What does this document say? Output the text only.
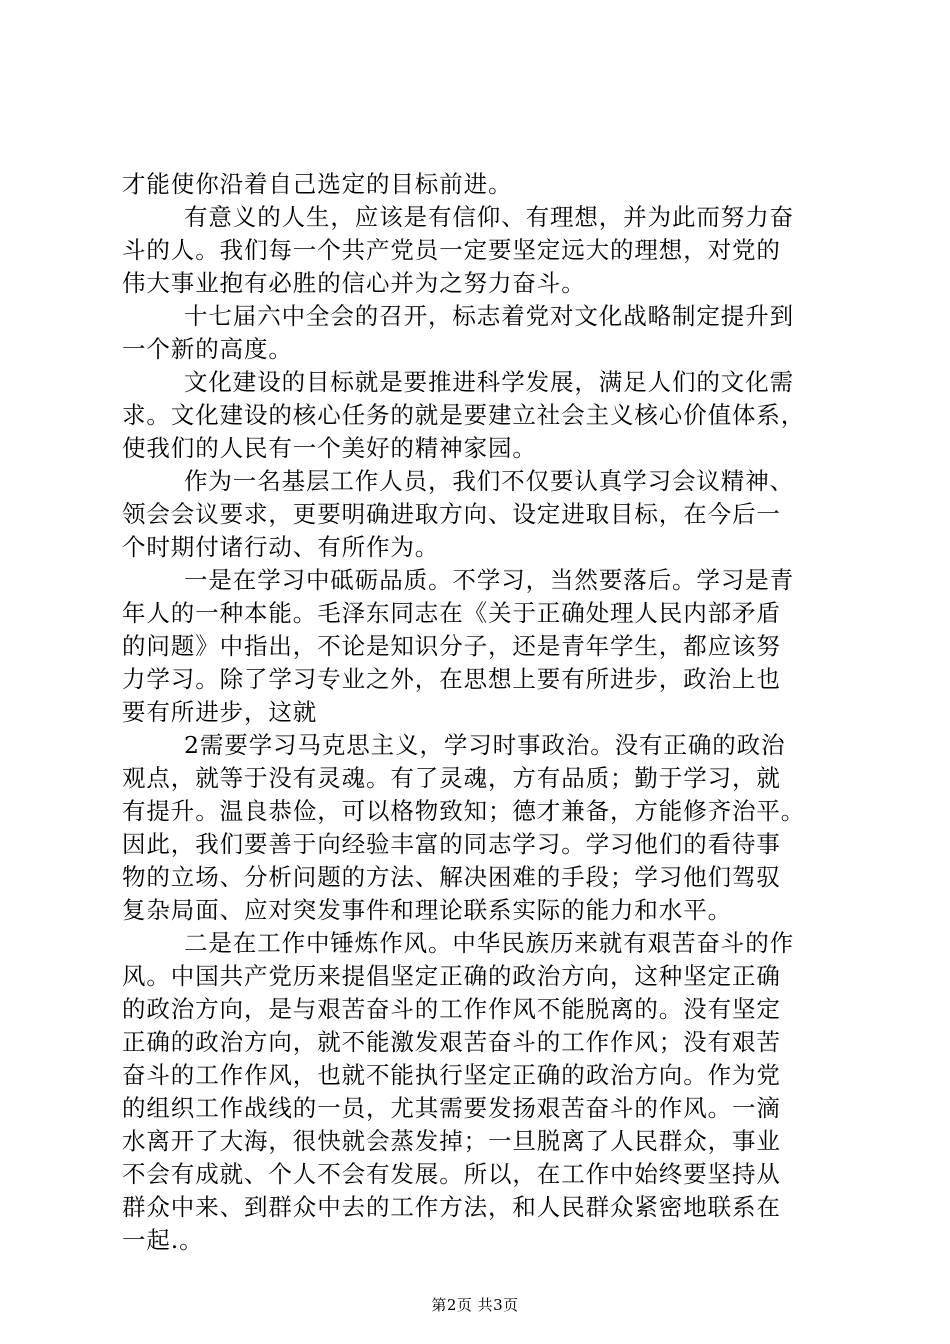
才能使你沿着自己选定的目标前进。
有意义的人生，应该是有信仰、有理想，并为此而努力奋
斗的人。我们每一个共产党员一定要坚定远大的理想，对党的
伟大事业抱有必胜的信心并为之努力奋斗。
十七届六中全会的召开，标志着党对文化战略制定提升到
一个新的高度。
文化建设的目标就是要推进科学发展，满足人们的文化需
求。文化建设的核心任务的就是要建立社会主义核心价值体系，
使我们的人民有一个美好的精神家园。
作为一名基层工作人员，我们不仅要认真学习会议精神、
领会会议要求，更要明确进取方向、设定进取目标，在今后一
个时期付诸行动、有所作为。
一是在学习中砥砺品质。不学习，当然要落后。学习是青
年人的一种本能。毛泽东同志在《关于正确处理人民内部矛盾
的问题》中指出，不论是知识分子，还是青年学生，都应该努
力学习。除了学习专业之外，在思想上要有所进步，政治上也
要有所进步，这就
2需要学习马克思主义，学习时事政治。没有正确的政治
观点，就等于没有灵魂。有了灵魂，方有品质；勤于学习，就
有提升。温良恭俭，可以格物致知；德才兼备，方能修齐治平。
因此，我们要善于向经验丰富的同志学习。学习他们的看待事
物的立场、分析问题的方法、解决困难的手段；学习他们驾驭
复杂局面、应对突发事件和理论联系实际的能力和水平。
二是在工作中锤炼作风。中华民族历来就有艰苦奋斗的作
风。中国共产党历来提倡坚定正确的政治方向，这种坚定正确
的政治方向，是与艰苦奋斗的工作作风不能脱离的。没有坚定
正确的政治方向，就不能激发艰苦奋斗的工作作风；没有艰苦
奋斗的工作作风，也就不能执行坚定正确的政治方向。作为党
的组织工作战线的一员，尤其需要发扬艰苦奋斗的作风。一滴
水离开了大海，很快就会蒸发掉；一旦脱离了人民群众，事业
不会有成就、个人不会有发展。所以，在工作中始终要坚持从
群众中来、到群众中去的工作方法，和人民群众紧密地联系在
一起.。
第2页 共3页
